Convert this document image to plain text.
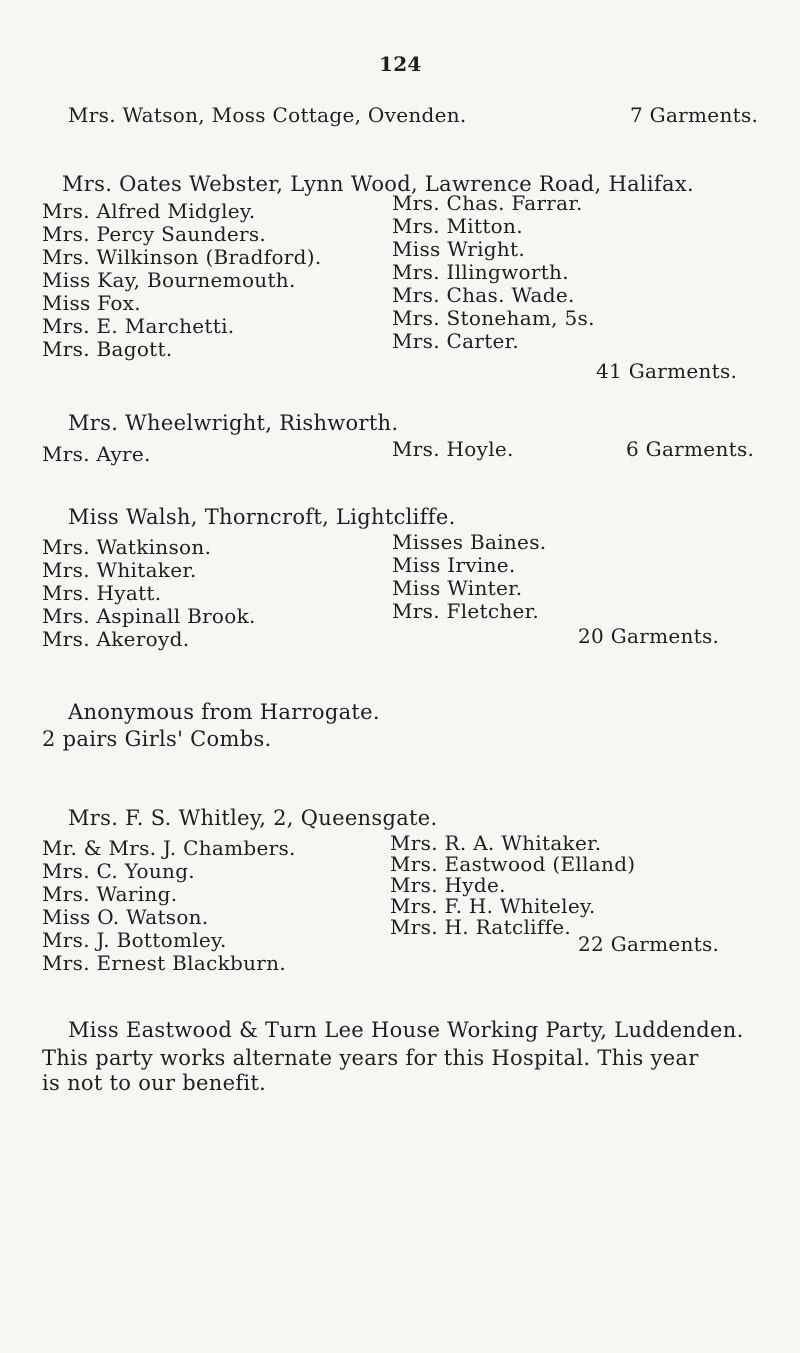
124
Mrs. Watson, Moss Cottage, Ovenden.	7 Garments.
Mrs. Oates Webster, Lynn Wood, Lawrence Road, Halifax.
Mrs. Alfred Midgley.
Mrs. Percy Saunders.
Mrs. Wilkinson (Bradford).
Miss Kay, Bournemouth.
Miss Fox.
Mrs. E. Marchetti.
Mrs. Bagott.
Mrs. Chas. Farrar.
Mrs. Mitton.
Miss Wright.
Mrs. Illingworth.
Mrs. Chas. Wade.
Mrs. Stoneham, 5s.
Mrs. Carter.
41 Garments.
Mrs. Wheelwright, Rishworth.
Mrs. Ayre.	Mrs. Hoyle.	6 Garments.
Miss Walsh, Thorncroft, Lightcliffe.
Mrs. Watkinson.
Mrs. Whitaker.
Mrs. Hyatt.
Mrs. Aspinall Brook.
Mrs. Akeroyd.
Misses Baines.
Miss Irvine.
Miss Winter.
Mrs. Fletcher.
20 Garments.
Anonymous from Harrogate.
2 pairs Girls' Combs.
Mrs. F. S. Whitley, 2, Queensgate.
Mr. & Mrs. J. Chambers.
Mrs. C. Young.
Mrs. Waring.
Miss O. Watson.
Mrs. J. Bottomley.
Mrs. Ernest Blackburn.
Mrs. R. A. Whitaker.
Mrs. Eastwood (Elland)
Mrs. Hyde.
Mrs. F. H. Whiteley.
Mrs. H. Ratcliffe.
22 Garments.
Miss Eastwood & Turn Lee House Working Party, Luddenden.
This party works alternate years for this Hospital. This year
is not to our benefit.
